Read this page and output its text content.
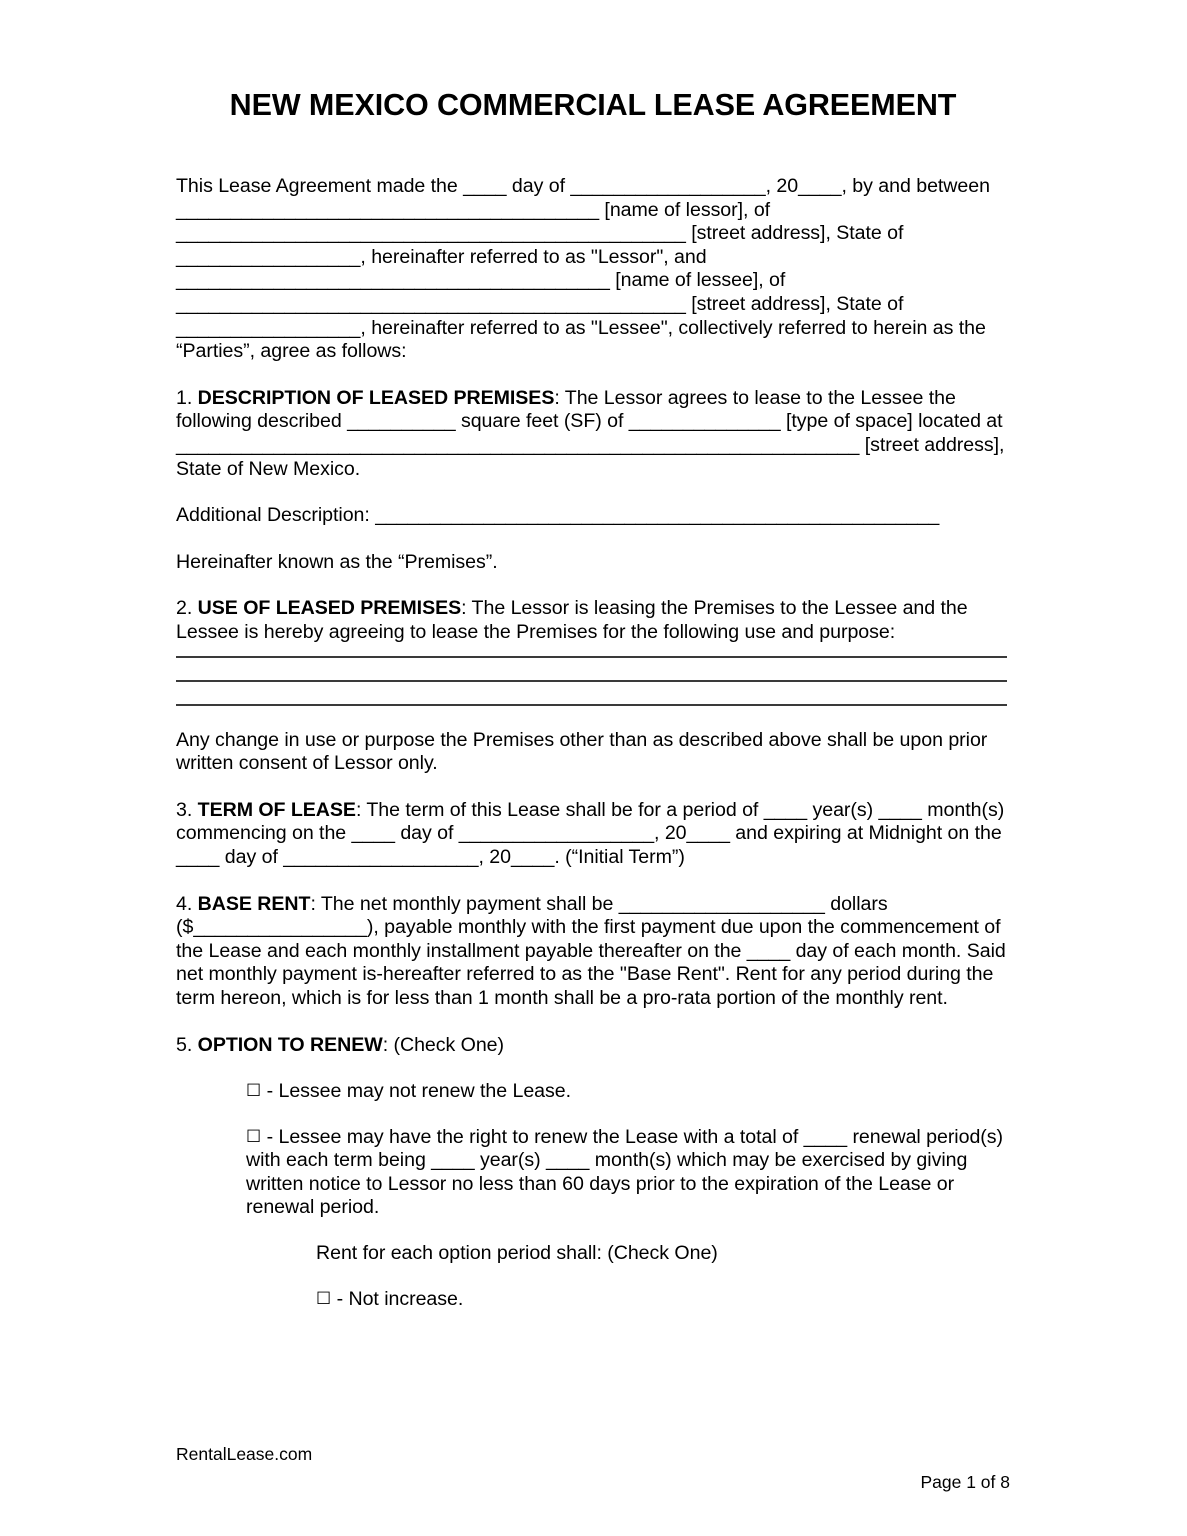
NEW MEXICO COMMERCIAL LEASE AGREEMENT

This Lease Agreement made the ____ day of __________________, 20____, by and between _______________________________________ [name of lessor], of _______________________________________________ [street address], State of _________________, hereinafter referred to as "Lessor", and ________________________________________ [name of lessee], of _______________________________________________ [street address], State of _________________, hereinafter referred to as "Lessee", collectively referred to herein as the “Parties”, agree as follows:

1. DESCRIPTION OF LEASED PREMISES: The Lessor agrees to lease to the Lessee the following described __________ square feet (SF) of ______________ [type of space] located at _______________________________________________________________ [street address], State of New Mexico.

Additional Description: ____________________________________________________

Hereinafter known as the “Premises”.

2. USE OF LEASED PREMISES: The Lessor is leasing the Premises to the Lessee and the Lessee is hereby agreeing to lease the Premises for the following use and purpose:

Any change in use or purpose the Premises other than as described above shall be upon prior written consent of Lessor only.

3. TERM OF LEASE: The term of this Lease shall be for a period of ____ year(s) ____ month(s) commencing on the ____ day of __________________, 20____ and expiring at Midnight on the ____ day of __________________, 20____. (“Initial Term”)

4. BASE RENT: The net monthly payment shall be ___________________ dollars ($________________), payable monthly with the first payment due upon the commencement of the Lease and each monthly installment payable thereafter on the ____ day of each month. Said net monthly payment is-hereafter referred to as the "Base Rent". Rent for any period during the term hereon, which is for less than 1 month shall be a pro-rata portion of the monthly rent.

5. OPTION TO RENEW: (Check One)

☐ - Lessee may not renew the Lease.

☐ - Lessee may have the right to renew the Lease with a total of ____ renewal period(s) with each term being ____ year(s) ____ month(s) which may be exercised by giving written notice to Lessor no less than 60 days prior to the expiration of the Lease or renewal period.

Rent for each option period shall: (Check One)

☐ - Not increase.

RentalLease.com
Page 1 of 8
